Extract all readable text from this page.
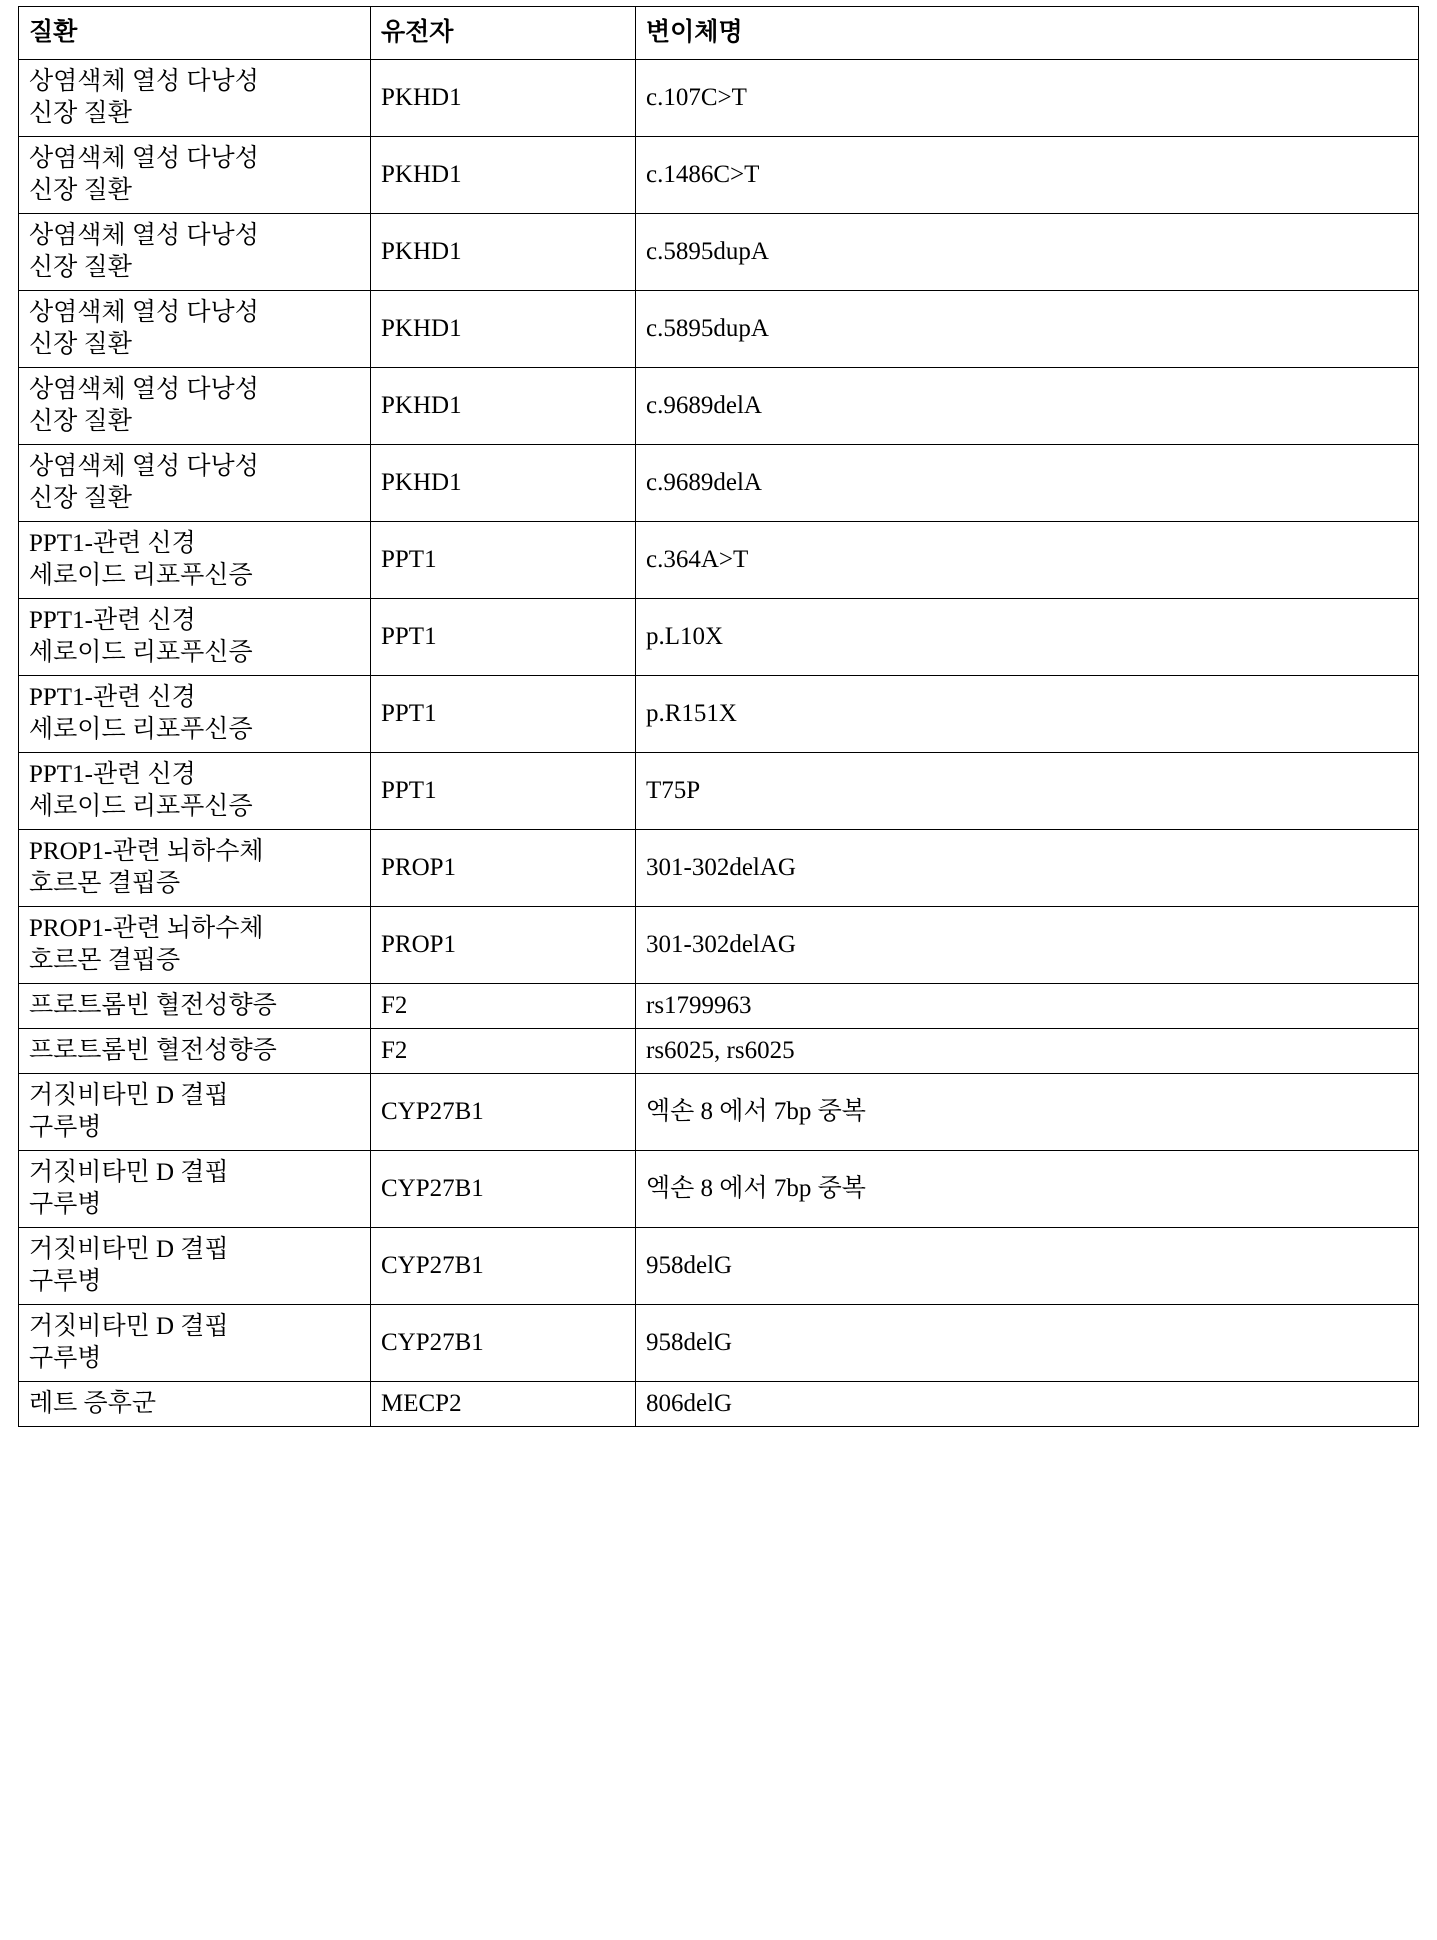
질환	유전자	변이체명

상염색체 열성 다낭성
신장 질환	PKHD1	c.107C>T

상염색체 열성 다낭성
신장 질환	PKHD1	c.1486C>T

상염색체 열성 다낭성
신장 질환	PKHD1	c.5895dupA

상염색체 열성 다낭성
신장 질환	PKHD1	c.5895dupA

상염색체 열성 다낭성
신장 질환	PKHD1	c.9689delA

상염색체 열성 다낭성
신장 질환	PKHD1	c.9689delA

PPT1-관련 신경
세로이드 리포푸신증	PPT1	c.364A>T

PPT1-관련 신경
세로이드 리포푸신증	PPT1	p.L10X

PPT1-관련 신경
세로이드 리포푸신증	PPT1	p.R151X

PPT1-관련 신경
세로이드 리포푸신증	PPT1	T75P

PROP1-관련 뇌하수체
호르몬 결핍증	PROP1	301-302delAG

PROP1-관련 뇌하수체
호르몬 결핍증	PROP1	301-302delAG

프로트롬빈 혈전성향증	F2	rs1799963

프로트롬빈 혈전성향증	F2	rs6025, rs6025

거짓비타민 D 결핍
구루병	CYP27B1	엑손 8 에서 7bp 중복

거짓비타민 D 결핍
구루병	CYP27B1	엑손 8 에서 7bp 중복

거짓비타민 D 결핍
구루병	CYP27B1	958delG

거짓비타민 D 결핍
구루병	CYP27B1	958delG

레트 증후군	MECP2	806delG
